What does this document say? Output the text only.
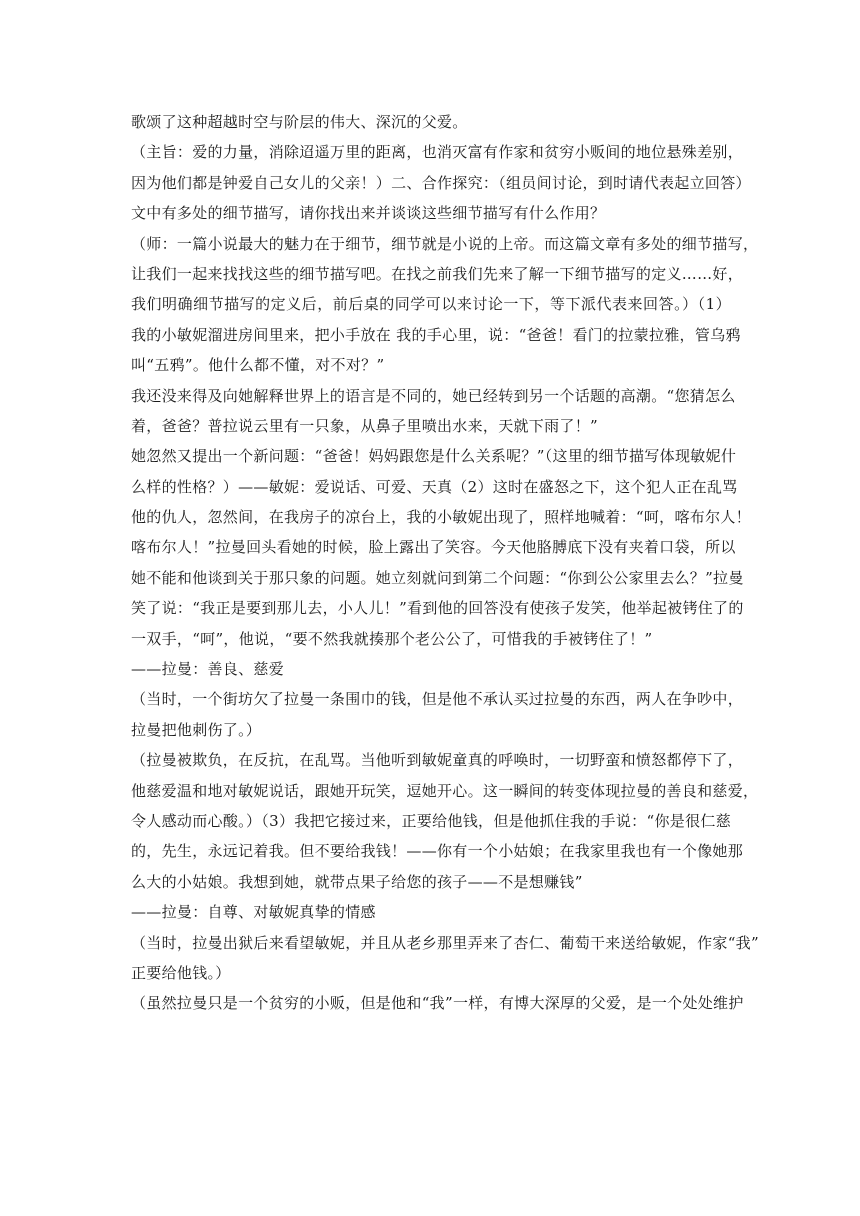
歌颂了这种超越时空与阶层的伟大、深沉的父爱。
（主旨：爱的力量，消除迢遥万里的距离，也消灭富有作家和贫穷小贩间的地位悬殊差别，
因为他们都是钟爱自己女儿的父亲！）二、合作探究：（组员间讨论，到时请代表起立回答）
文中有多处的细节描写，请你找出来并谈谈这些细节描写有什么作用？
（师：一篇小说最大的魅力在于细节，细节就是小说的上帝。而这篇文章有多处的细节描写，
让我们一起来找找这些的细节描写吧。在找之前我们先来了解一下细节描写的定义……好，
我们明确细节描写的定义后，前后桌的同学可以来讨论一下，等下派代表来回答。）（1）
我的小敏妮溜进房间里来，把小手放在 我的手心里，说：“爸爸！看门的拉蒙拉雅，管乌鸦
叫“五鸦”。他什么都不懂，对不对？”
我还没来得及向她解释世界上的语言是不同的，她已经转到另一个话题的高潮。“您猜怎么
着，爸爸？普拉说云里有一只象，从鼻子里喷出水来，天就下雨了！”
她忽然又提出一个新问题：“爸爸！妈妈跟您是什么关系呢？”（这里的细节描写体现敏妮什
么样的性格？）——敏妮：爱说话、可爱、天真（2）这时在盛怒之下，这个犯人正在乱骂
他的仇人，忽然间，在我房子的凉台上，我的小敏妮出现了，照样地喊着：“呵，喀布尔人！
喀布尔人！”拉曼回头看她的时候，脸上露出了笑容。今天他胳膊底下没有夹着口袋，所以
她不能和他谈到关于那只象的问题。她立刻就问到第二个问题：“你到公公家里去么？”拉曼
笑了说：“我正是要到那儿去，小人儿！”看到他的回答没有使孩子发笑，他举起被铐住了的
一双手，“呵”，他说，“要不然我就揍那个老公公了，可惜我的手被铐住了！”
——拉曼：善良、慈爱
（当时，一个街坊欠了拉曼一条围巾的钱，但是他不承认买过拉曼的东西，两人在争吵中，
拉曼把他刺伤了。）
（拉曼被欺负，在反抗，在乱骂。当他听到敏妮童真的呼唤时，一切野蛮和愤怒都停下了，
他慈爱温和地对敏妮说话，跟她开玩笑，逗她开心。这一瞬间的转变体现拉曼的善良和慈爱，
令人感动而心酸。）（3）我把它接过来，正要给他钱，但是他抓住我的手说：“你是很仁慈
的，先生，永远记着我。但不要给我钱！——你有一个小姑娘；在我家里我也有一个像她那
么大的小姑娘。我想到她，就带点果子给您的孩子——不是想赚钱”
——拉曼：自尊、对敏妮真挚的情感
（当时，拉曼出狱后来看望敏妮，并且从老乡那里弄来了杏仁、葡萄干来送给敏妮，作家“我”
正要给他钱。）
（虽然拉曼只是一个贫穷的小贩，但是他和“我”一样，有博大深厚的父爱，是一个处处维护
